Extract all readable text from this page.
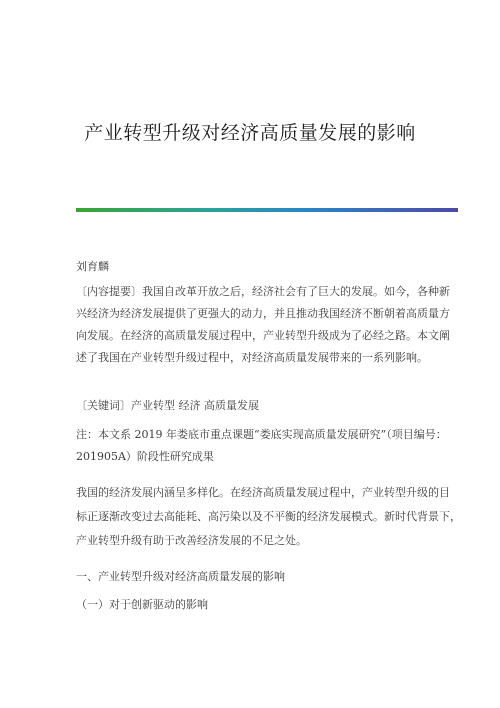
产业转型升级对经济高质量发展的影响
刘育麟
〔内容提要〕我国自改革开放之后，经济社会有了巨大的发展。如今，各种新
兴经济为经济发展提供了更强大的动力，并且推动我国经济不断朝着高质量方
向发展。在经济的高质量发展过程中，产业转型升级成为了必经之路。本文阐
述了我国在产业转型升级过程中，对经济高质量发展带来的一系列影响。
〔关键词〕产业转型 经济 高质量发展
注：本文系 2019 年娄底市重点课题“娄底实现高质量发展研究”（项目编号：
201905A）阶段性研究成果
我国的经济发展内涵呈多样化。在经济高质量发展过程中，产业转型升级的目
标正逐渐改变过去高能耗、高污染以及不平衡的经济发展模式。新时代背景下，
产业转型升级有助于改善经济发展的不足之处。
一、产业转型升级对经济高质量发展的影响
（一）对于创新驱动的影响
